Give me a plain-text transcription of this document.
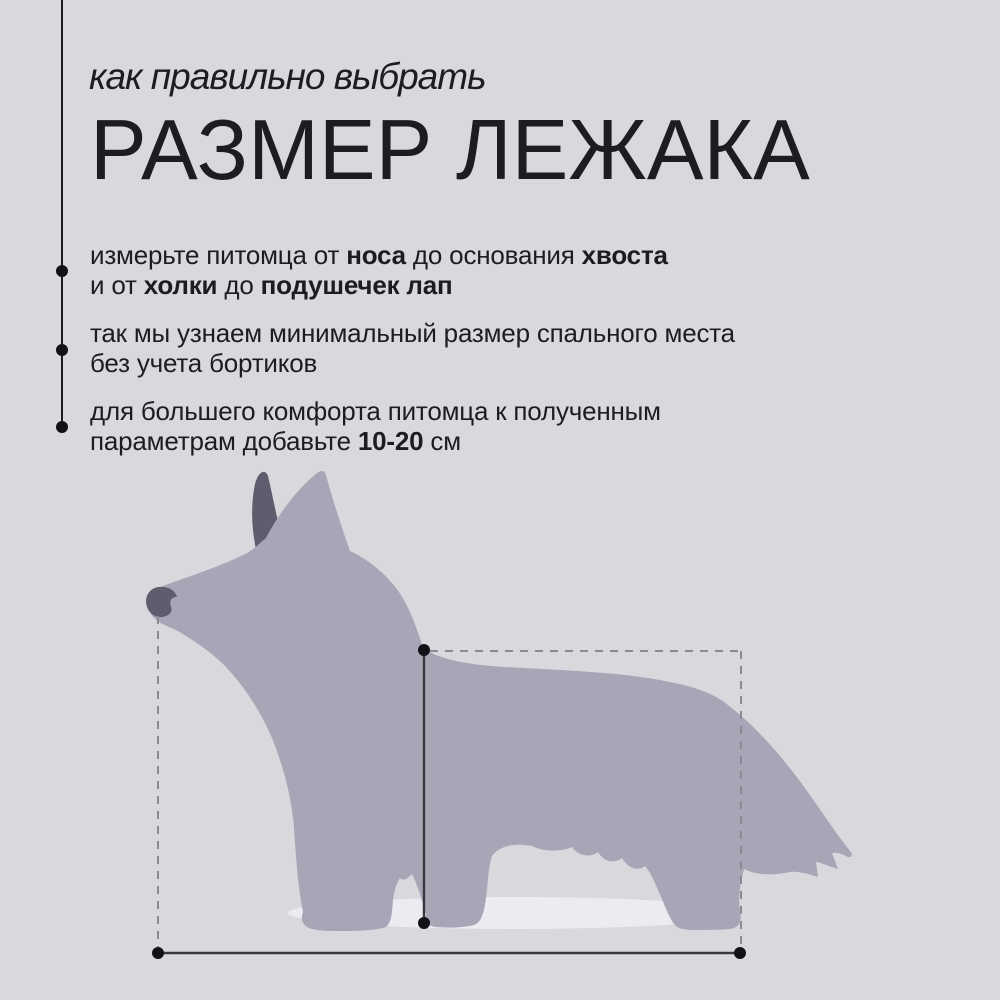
как правильно выбрать
РАЗМЕР ЛЕЖАКА
измерьте питомца от носа до основания хвоста
и от холки до подушечек лап
так мы узнаем минимальный размер спального места
без учета бортиков
для большего комфорта питомца к полученным
параметрам добавьте 10-20 см
